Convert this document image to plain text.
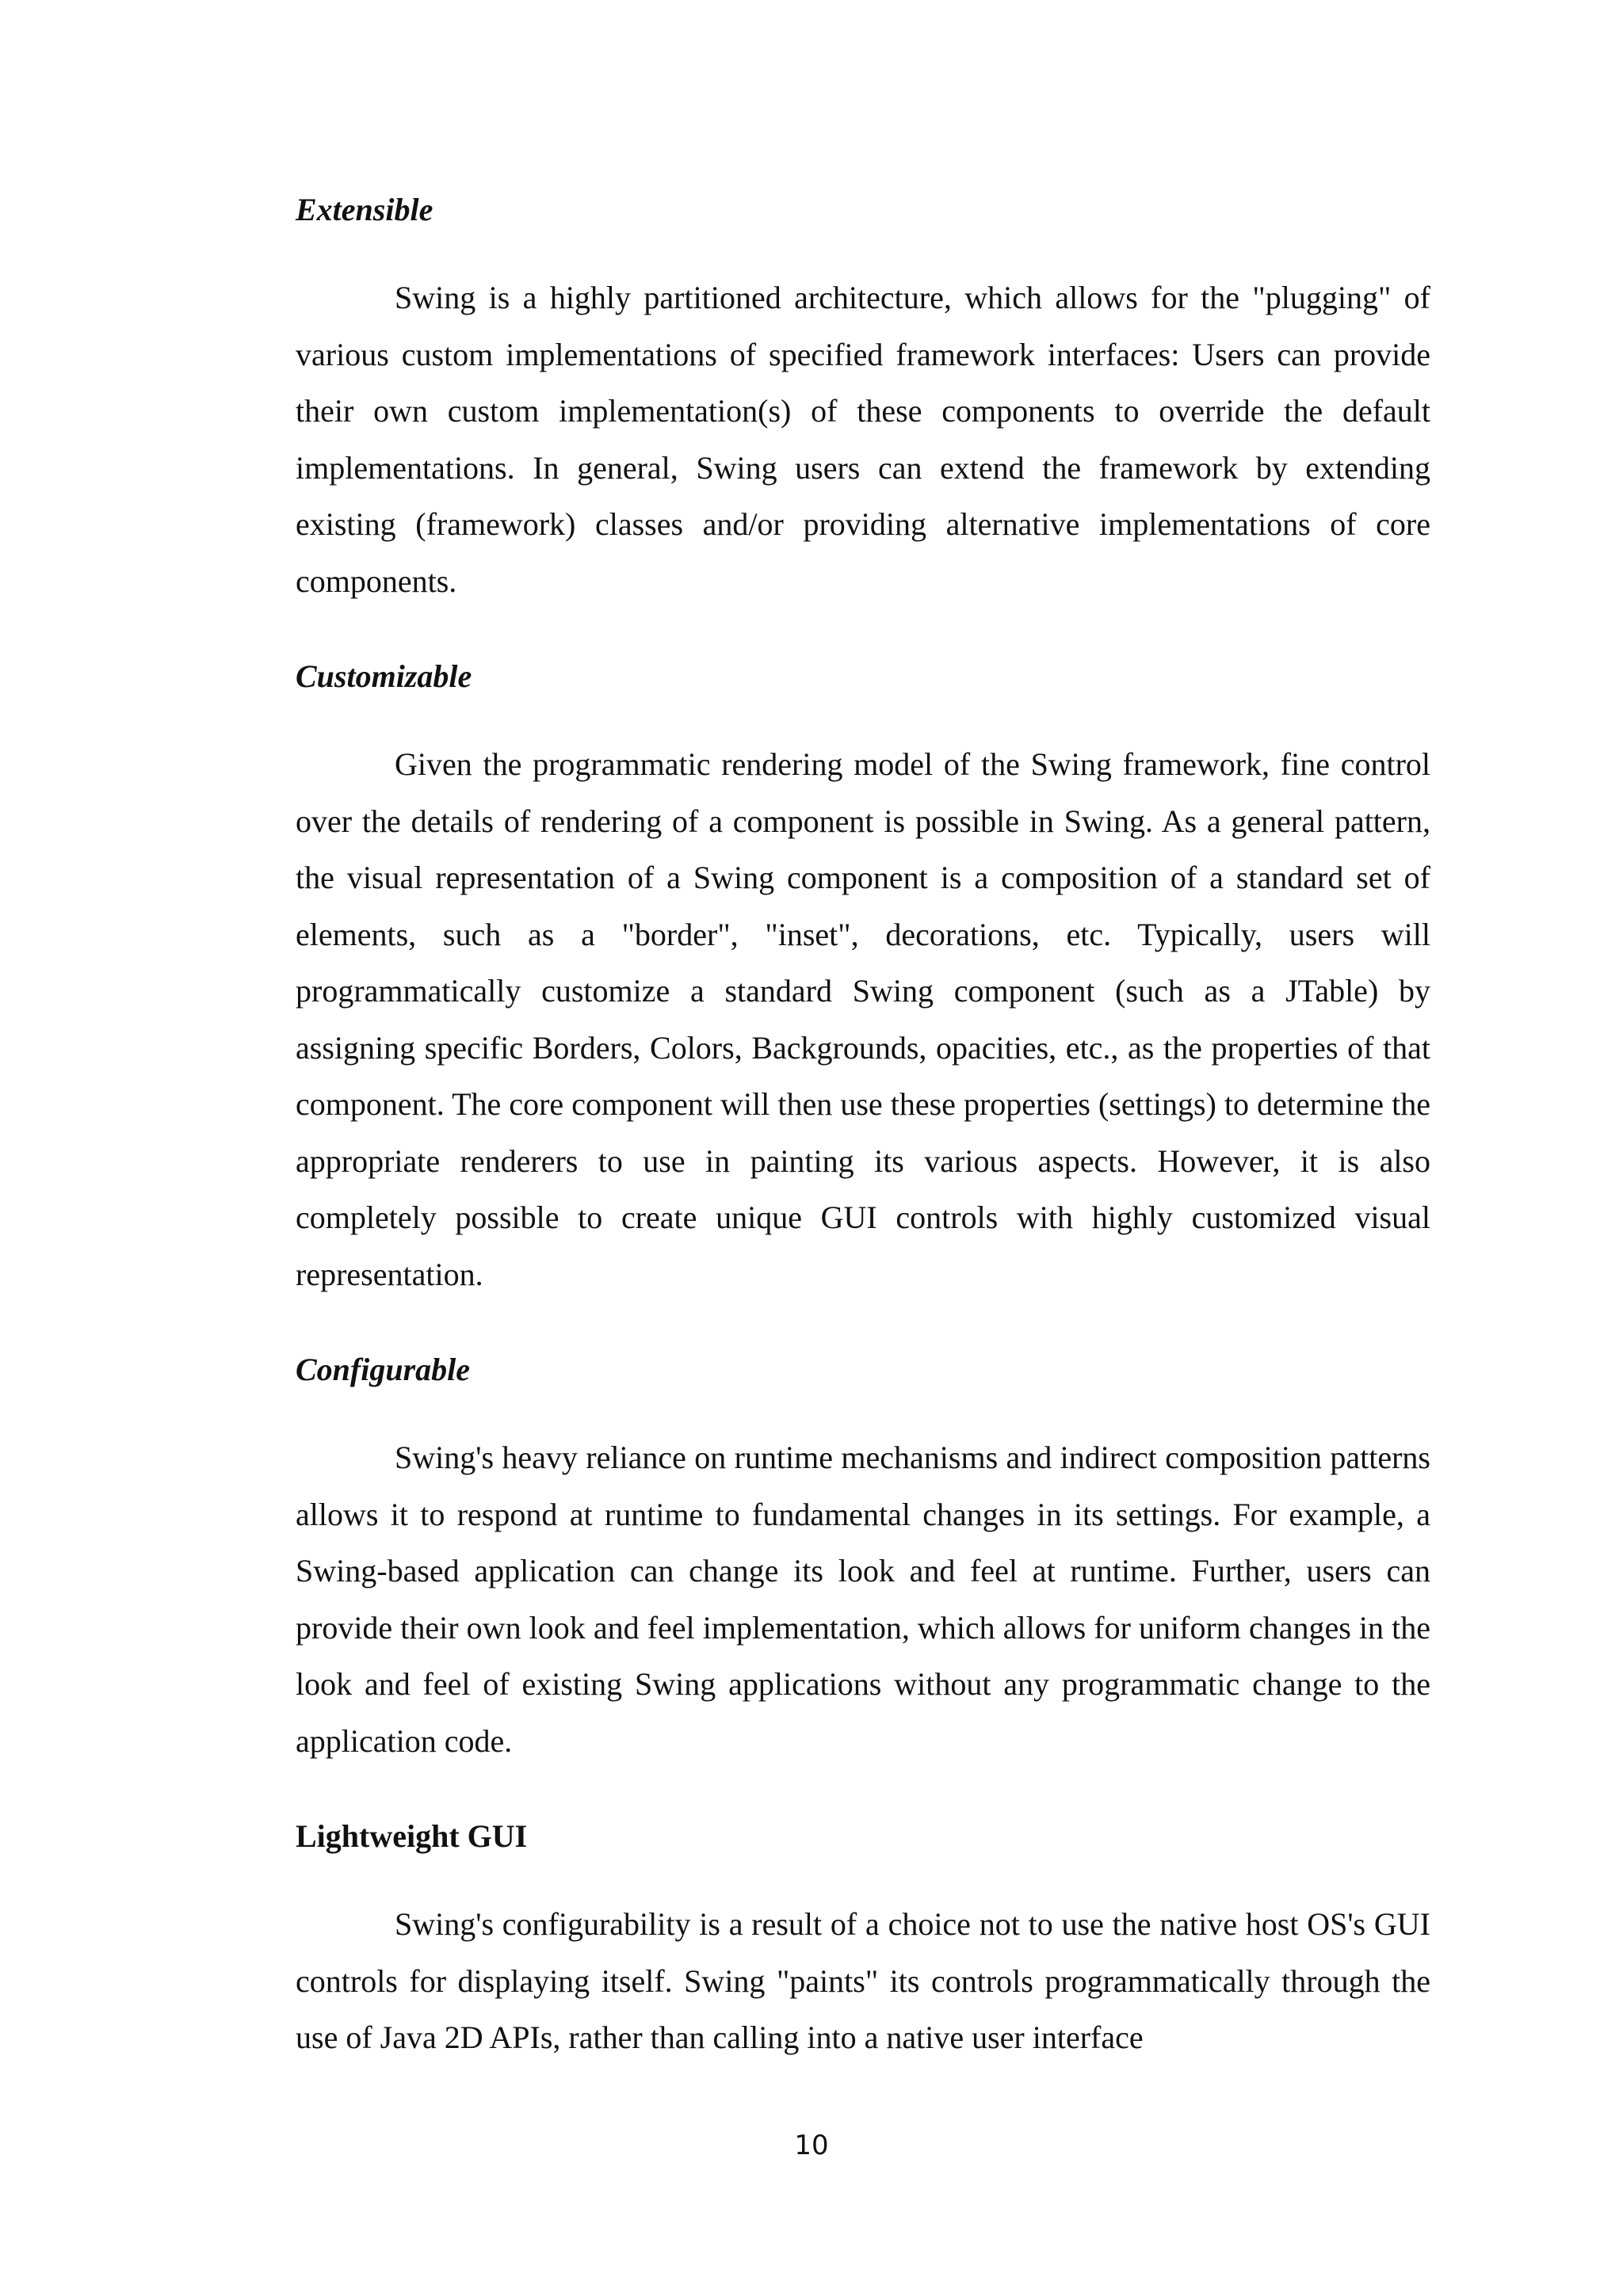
Extensible

Swing is a highly partitioned architecture, which allows for the "plugging" of various custom implementations of specified framework interfaces: Users can provide their own custom implementation(s) of these components to override the default implementations. In general, Swing users can extend the framework by extending existing (framework) classes and/or providing alternative implementations of core components.

Customizable

Given the programmatic rendering model of the Swing framework, fine control over the details of rendering of a component is possible in Swing. As a general pattern, the visual representation of a Swing component is a composition of a standard set of elements, such as a "border", "inset", decorations, etc. Typically, users will programmatically customize a standard Swing component (such as a JTable) by assigning specific Borders, Colors, Backgrounds, opacities, etc., as the properties of that component. The core component will then use these properties (settings) to determine the appropriate renderers to use in painting its various aspects. However, it is also completely possible to create unique GUI controls with highly customized visual representation.

Configurable

Swing's heavy reliance on runtime mechanisms and indirect composition patterns allows it to respond at runtime to fundamental changes in its settings. For example, a Swing-based application can change its look and feel at runtime. Further, users can provide their own look and feel implementation, which allows for uniform changes in the look and feel of existing Swing applications without any programmatic change to the application code.

Lightweight GUI

Swing's configurability is a result of a choice not to use the native host OS's GUI controls for displaying itself. Swing "paints" its controls programmatically through the use of Java 2D APIs, rather than calling into a native user interface

10
